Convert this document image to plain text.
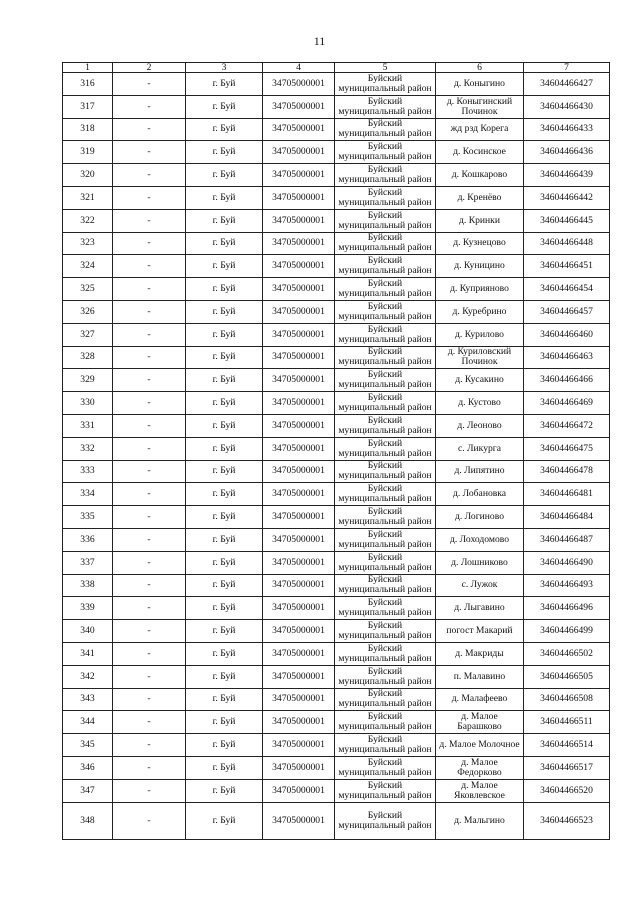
11
1	2	3	4	5	6	7
316	-	г. Буй	34705000001	Буйский муниципальный район	д. Коныгино	34604466427
317	-	г. Буй	34705000001	Буйский муниципальный район	д. Коныгинский Починок	34604466430
318	-	г. Буй	34705000001	Буйский муниципальный район	жд рзд Корега	34604466433
319	-	г. Буй	34705000001	Буйский муниципальный район	д. Косинское	34604466436
320	-	г. Буй	34705000001	Буйский муниципальный район	д. Кошкарово	34604466439
321	-	г. Буй	34705000001	Буйский муниципальный район	д. Кренёво	34604466442
322	-	г. Буй	34705000001	Буйский муниципальный район	д. Кринки	34604466445
323	-	г. Буй	34705000001	Буйский муниципальный район	д. Кузнецово	34604466448
324	-	г. Буй	34705000001	Буйский муниципальный район	д. Куницино	34604466451
325	-	г. Буй	34705000001	Буйский муниципальный район	д. Куприяново	34604466454
326	-	г. Буй	34705000001	Буйский муниципальный район	д. Куребрино	34604466457
327	-	г. Буй	34705000001	Буйский муниципальный район	д. Курилово	34604466460
328	-	г. Буй	34705000001	Буйский муниципальный район	д. Куриловский Починок	34604466463
329	-	г. Буй	34705000001	Буйский муниципальный район	д. Кусакино	34604466466
330	-	г. Буй	34705000001	Буйский муниципальный район	д. Кустово	34604466469
331	-	г. Буй	34705000001	Буйский муниципальный район	д. Леоново	34604466472
332	-	г. Буй	34705000001	Буйский муниципальный район	с. Ликурга	34604466475
333	-	г. Буй	34705000001	Буйский муниципальный район	д. Липятино	34604466478
334	-	г. Буй	34705000001	Буйский муниципальный район	д. Лобановка	34604466481
335	-	г. Буй	34705000001	Буйский муниципальный район	д. Логиново	34604466484
336	-	г. Буй	34705000001	Буйский муниципальный район	д. Лоходомово	34604466487
337	-	г. Буй	34705000001	Буйский муниципальный район	д. Лошниково	34604466490
338	-	г. Буй	34705000001	Буйский муниципальный район	с. Лужок	34604466493
339	-	г. Буй	34705000001	Буйский муниципальный район	д. Лыгавино	34604466496
340	-	г. Буй	34705000001	Буйский муниципальный район	погост Макарий	34604466499
341	-	г. Буй	34705000001	Буйский муниципальный район	д. Макриды	34604466502
342	-	г. Буй	34705000001	Буйский муниципальный район	п. Малавино	34604466505
343	-	г. Буй	34705000001	Буйский муниципальный район	д. Малафеево	34604466508
344	-	г. Буй	34705000001	Буйский муниципальный район	д. Малое Барашково	34604466511
345	-	г. Буй	34705000001	Буйский муниципальный район	д. Малое Молочное	34604466514
346	-	г. Буй	34705000001	Буйский муниципальный район	д. Малое Федорково	34604466517
347	-	г. Буй	34705000001	Буйский муниципальный район	д. Малое Яковлевское	34604466520
348	-	г. Буй	34705000001	Буйский муниципальный район	д. Мальгино	34604466523
